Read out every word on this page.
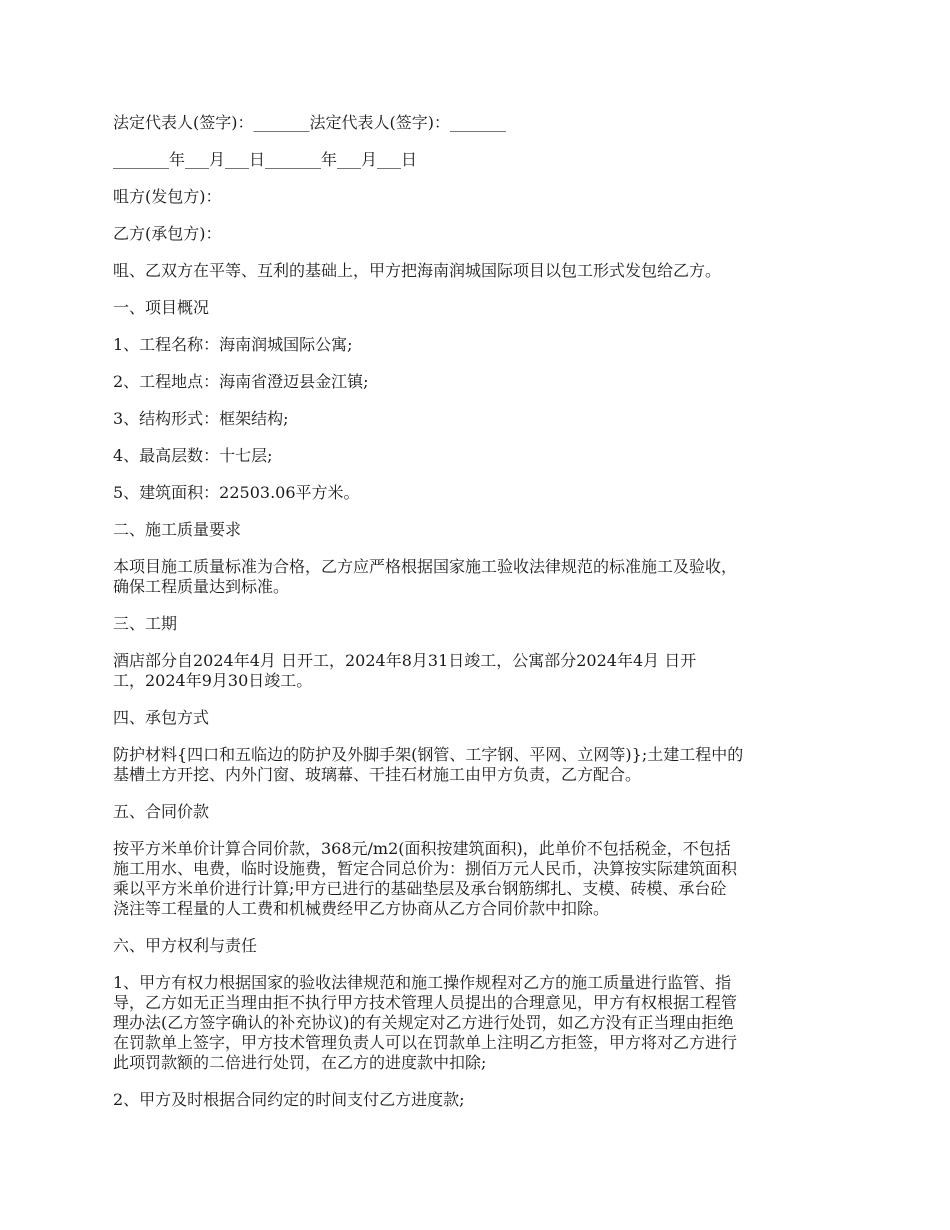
法定代表人(签字)：_______法定代表人(签字)：_______
_______年___月___日_______年___月___日
咀方(发包方)：
乙方(承包方)：
咀、乙双方在平等、互利的基础上，甲方把海南润城国际项目以包工形式发包给乙方。
一、项目概况
1、工程名称：海南润城国际公寓;
2、工程地点：海南省澄迈县金江镇;
3、结构形式：框架结构;
4、最高层数：十七层;
5、建筑面积：22503.06平方米。
二、施工质量要求
本项目施工质量标准为合格，乙方应严格根据国家施工验收法律规范的标准施工及验收，
确保工程质量达到标准。
三、工期
酒店部分自2024年4月 日开工，2024年8月31日竣工，公寓部分2024年4月 日开
工，2024年9月30日竣工。
四、承包方式
防护材料{四口和五临边的防护及外脚手架(钢管、工字钢、平网、立网等)};土建工程中的
基槽土方开挖、内外门窗、玻璃幕、干挂石材施工由甲方负责，乙方配合。
五、合同价款
按平方米单价计算合同价款，368元/m2(面积按建筑面积)，此单价不包括税金，不包括
施工用水、电费，临时设施费，暂定合同总价为：捌佰万元人民币，决算按实际建筑面积
乘以平方米单价进行计算;甲方已进行的基础垫层及承台钢筋绑扎、支模、砖模、承台砼
浇注等工程量的人工费和机械费经甲乙方协商从乙方合同价款中扣除。
六、甲方权利与责任
1、甲方有权力根据国家的验收法律规范和施工操作规程对乙方的施工质量进行监管、指
导，乙方如无正当理由拒不执行甲方技术管理人员提出的合理意见，甲方有权根据工程管
理办法(乙方签字确认的补充协议)的有关规定对乙方进行处罚，如乙方没有正当理由拒绝
在罚款单上签字，甲方技术管理负责人可以在罚款单上注明乙方拒签，甲方将对乙方进行
此项罚款额的二倍进行处罚，在乙方的进度款中扣除;
2、甲方及时根据合同约定的时间支付乙方进度款;
